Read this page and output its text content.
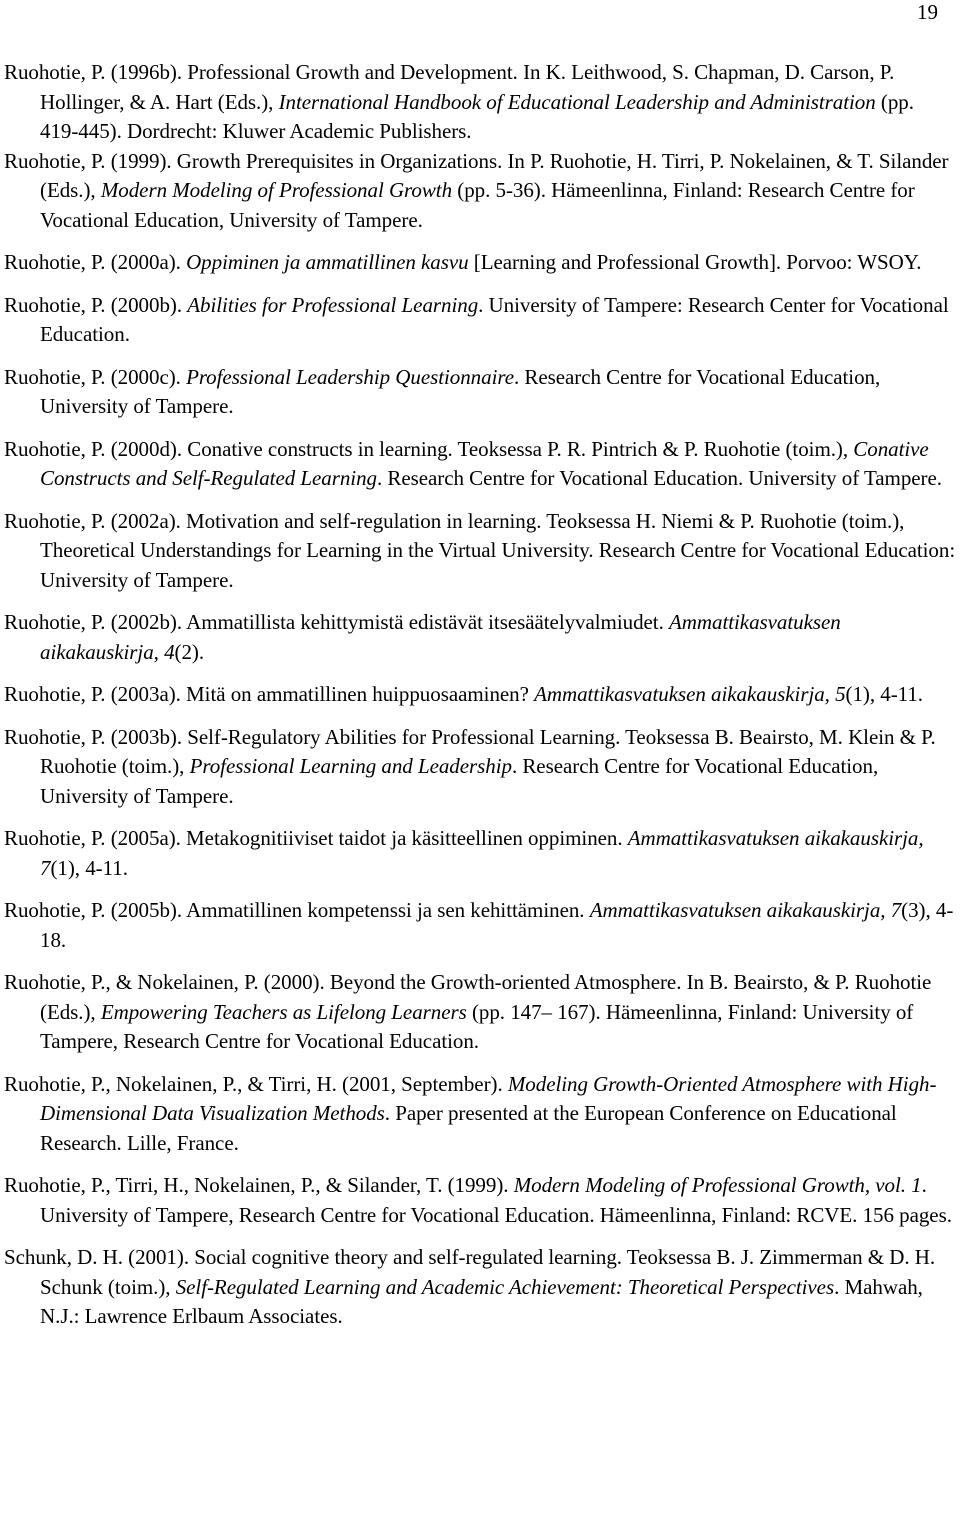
19

Ruohotie, P. (1996b). Professional Growth and Development. In K. Leithwood, S. Chapman, D. Carson, P. Hollinger, & A. Hart (Eds.), International Handbook of Educational Leadership and Administration (pp. 419-445). Dordrecht: Kluwer Academic Publishers.

Ruohotie, P. (1999). Growth Prerequisites in Organizations. In P. Ruohotie, H. Tirri, P. Nokelainen, & T. Silander (Eds.), Modern Modeling of Professional Growth (pp. 5-36). Hämeenlinna, Finland: Research Centre for Vocational Education, University of Tampere.

Ruohotie, P. (2000a). Oppiminen ja ammatillinen kasvu [Learning and Professional Growth]. Porvoo: WSOY.

Ruohotie, P. (2000b). Abilities for Professional Learning. University of Tampere: Research Center for Vocational Education.

Ruohotie, P. (2000c). Professional Leadership Questionnaire. Research Centre for Vocational Education, University of Tampere.

Ruohotie, P. (2000d). Conative constructs in learning. Teoksessa P. R. Pintrich & P. Ruohotie (toim.), Conative Constructs and Self-Regulated Learning. Research Centre for Vocational Education. University of Tampere.

Ruohotie, P. (2002a). Motivation and self-regulation in learning. Teoksessa H. Niemi & P. Ruohotie (toim.), Theoretical Understandings for Learning in the Virtual University. Research Centre for Vocational Education: University of Tampere.

Ruohotie, P. (2002b). Ammatillista kehittymistä edistävät itsesäätelyvalmiudet. Ammattikasvatuksen aikakauskirja, 4(2).

Ruohotie, P. (2003a). Mitä on ammatillinen huippuosaaminen? Ammattikasvatuksen aikakauskirja, 5(1), 4-11.

Ruohotie, P. (2003b). Self-Regulatory Abilities for Professional Learning. Teoksessa B. Beairsto, M. Klein & P. Ruohotie (toim.), Professional Learning and Leadership. Research Centre for Vocational Education, University of Tampere.

Ruohotie, P. (2005a). Metakognitiiviset taidot ja käsitteellinen oppiminen. Ammattikasvatuksen aikakauskirja, 7(1), 4-11.

Ruohotie, P. (2005b). Ammatillinen kompetenssi ja sen kehittäminen. Ammattikasvatuksen aikakauskirja, 7(3), 4-18.

Ruohotie, P., & Nokelainen, P. (2000). Beyond the Growth-oriented Atmosphere. In B. Beairsto, & P. Ruohotie (Eds.), Empowering Teachers as Lifelong Learners (pp. 147– 167). Hämeenlinna, Finland: University of Tampere, Research Centre for Vocational Education.

Ruohotie, P., Nokelainen, P., & Tirri, H. (2001, September). Modeling Growth-Oriented Atmosphere with High-Dimensional Data Visualization Methods. Paper presented at the European Conference on Educational Research. Lille, France.

Ruohotie, P., Tirri, H., Nokelainen, P., & Silander, T. (1999). Modern Modeling of Professional Growth, vol. 1. University of Tampere, Research Centre for Vocational Education. Hämeenlinna, Finland: RCVE. 156 pages.

Schunk, D. H. (2001). Social cognitive theory and self-regulated learning. Teoksessa B. J. Zimmerman & D. H. Schunk (toim.), Self-Regulated Learning and Academic Achievement: Theoretical Perspectives. Mahwah, N.J.: Lawrence Erlbaum Associates.
